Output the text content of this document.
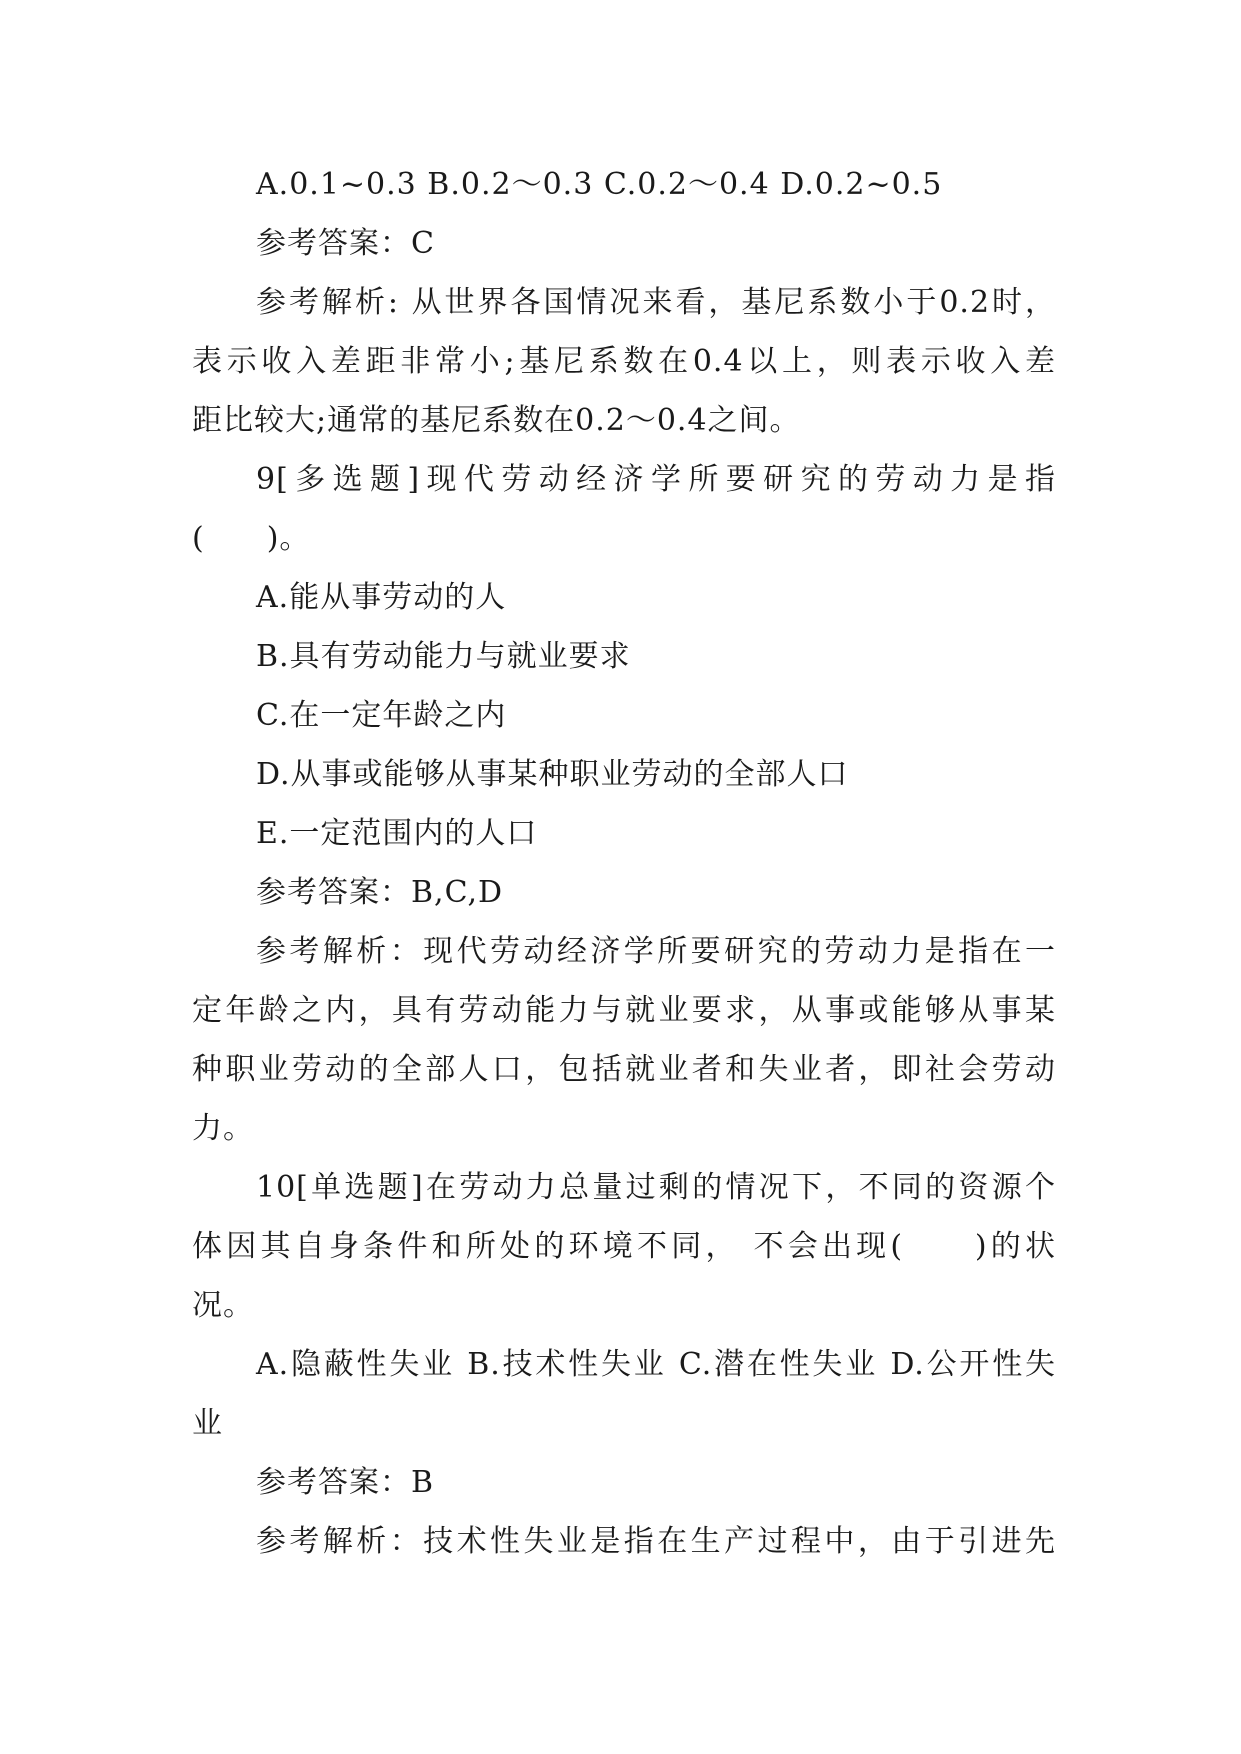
A.0.1~0.3 B.0.2～0.3 C.0.2～0.4 D.0.2~0.5
参考答案：C
参考解析: 从世界各国情况来看，基尼系数小于0.2时，
表示收入差距非常小;基尼系数在0.4以上，则表示收入差
距比较大;通常的基尼系数在0.2～0.4之间。
9[多选题]现代劳动经济学所要研究的劳动力是指
(　　)。
A.能从事劳动的人
B.具有劳动能力与就业要求
C.在一定年龄之内
D.从事或能够从事某种职业劳动的全部人口
E.一定范围内的人口
参考答案：B,C,D
参考解析：现代劳动经济学所要研究的劳动力是指在一
定年龄之内，具有劳动能力与就业要求，从事或能够从事某
种职业劳动的全部人口，包括就业者和失业者，即社会劳动
力。
10[单选题]在劳动力总量过剩的情况下，不同的资源个
体因其自身条件和所处的环境不同， 不会出现(　　)的状
况。
A.隐蔽性失业 B.技术性失业 C.潜在性失业 D.公开性失
业
参考答案：B
参考解析：技术性失业是指在生产过程中，由于引进先
